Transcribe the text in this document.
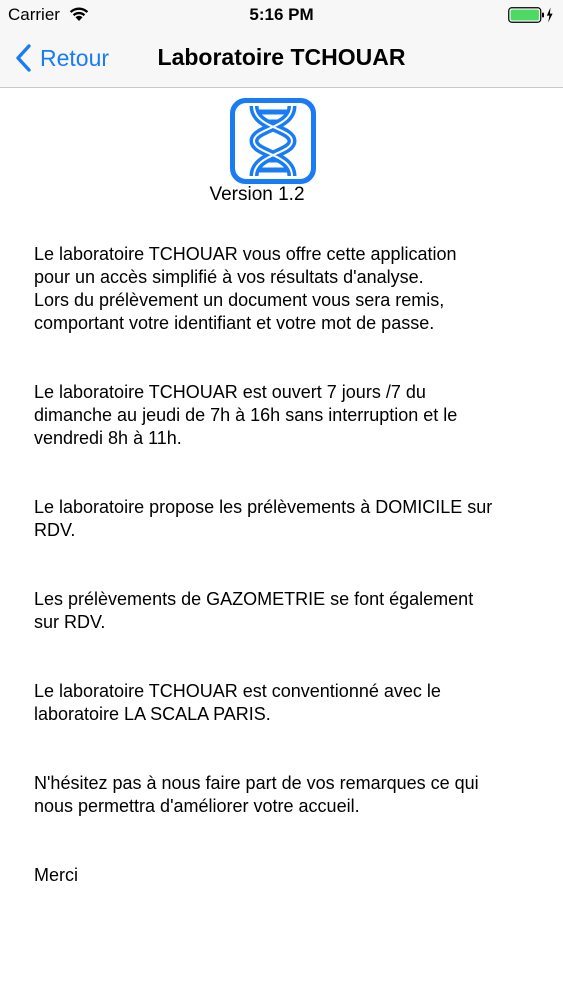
Carrier	5:16 PM
Retour	Laboratoire TCHOUAR
Version 1.2

Le laboratoire TCHOUAR vous offre cette application
pour un accès simplifié à vos résultats d'analyse.
Lors du prélèvement un document vous sera remis,
comportant votre identifiant et votre mot de passe.

Le laboratoire TCHOUAR est ouvert 7 jours /7 du
dimanche au jeudi de 7h à 16h sans interruption et le
vendredi 8h à 11h.

Le laboratoire propose les prélèvements à DOMICILE sur
RDV.

Les prélèvements de GAZOMETRIE se font également
sur RDV.

Le laboratoire TCHOUAR est conventionné avec le
laboratoire LA SCALA PARIS.

N'hésitez pas à nous faire part de vos remarques ce qui
nous permettra d'améliorer votre accueil.

Merci
